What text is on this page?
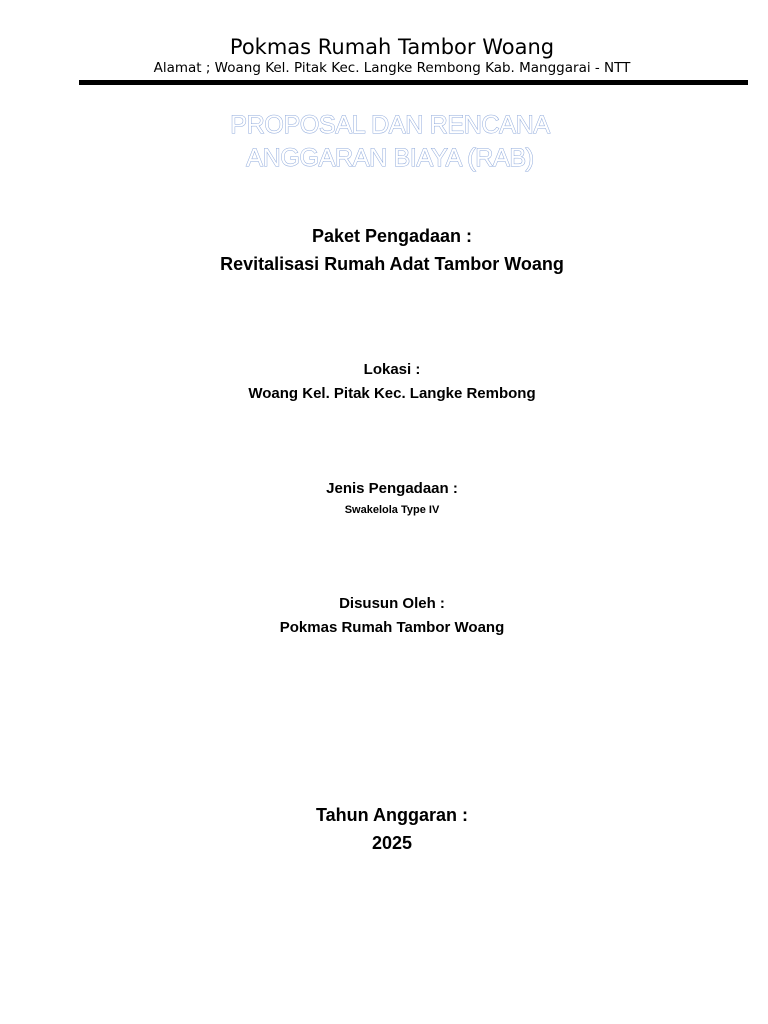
Pokmas Rumah Tambor Woang
Alamat ; Woang Kel. Pitak Kec. Langke Rembong Kab. Manggarai - NTT
PROPOSAL DAN RENCANA
ANGGARAN BIAYA (RAB)
Paket Pengadaan :
Revitalisasi Rumah Adat Tambor Woang
Lokasi :
Woang Kel. Pitak Kec. Langke Rembong
Jenis Pengadaan :
Swakelola Type IV
Disusun Oleh :
Pokmas Rumah Tambor Woang
Tahun Anggaran :
2025
